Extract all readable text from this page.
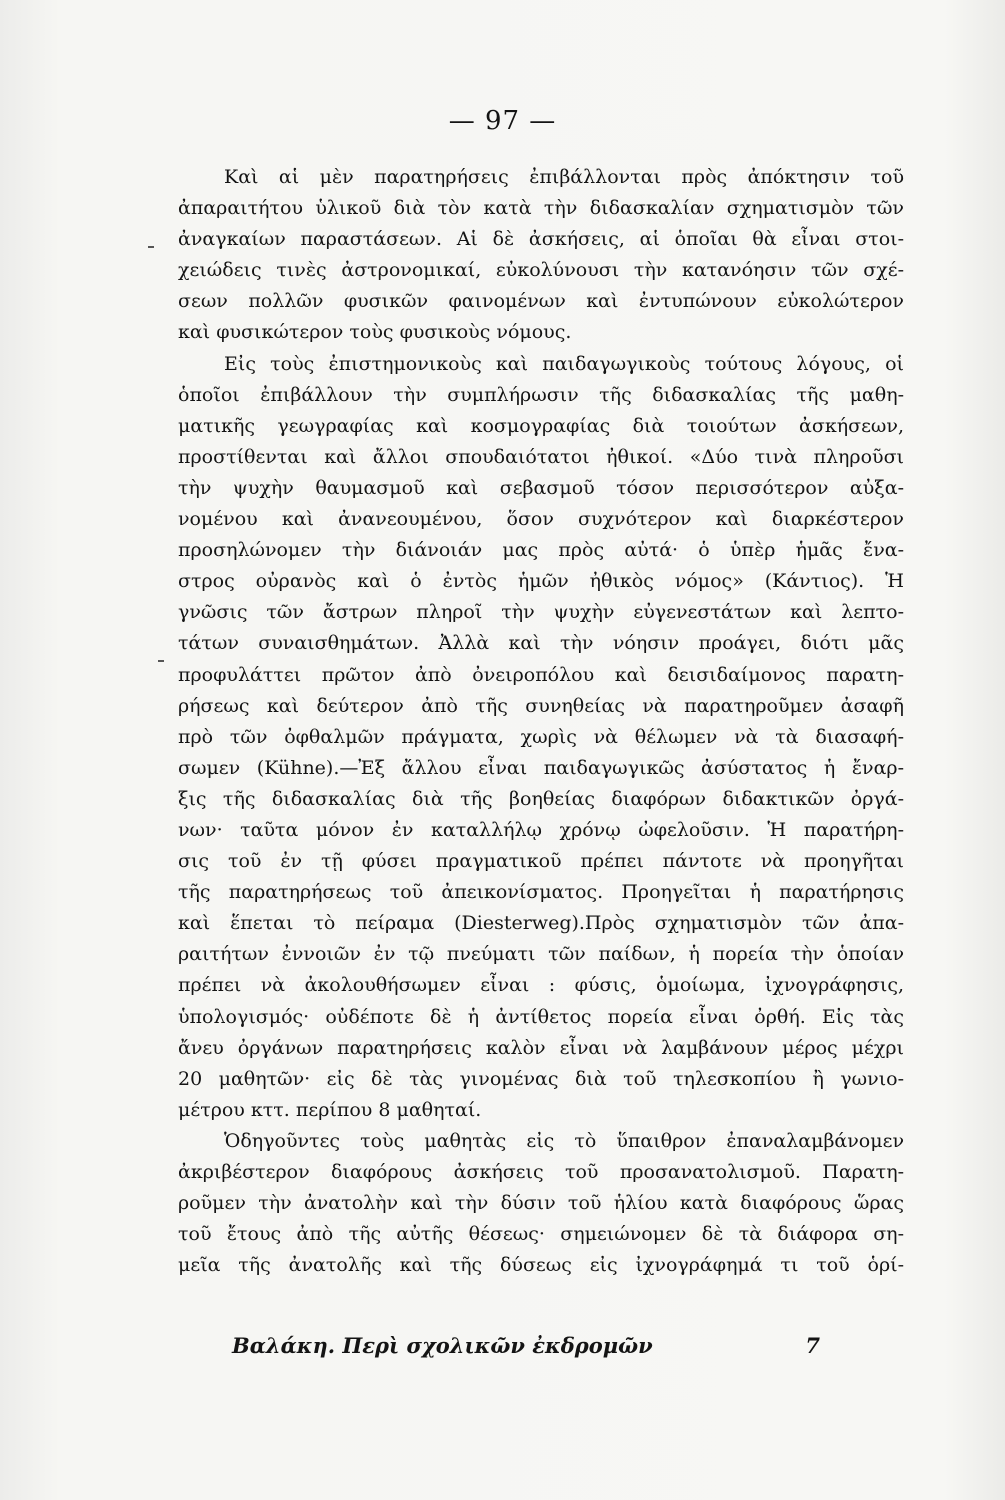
— 97 —
Καὶ αἱ μὲν παρατηρήσεις ἐπιβάλλονται πρὸς ἀπόκτησιν τοῦ
ἀπαραιτήτου ὑλικοῦ διὰ τὸν κατὰ τὴν διδασκαλίαν σχηματισμὸν τῶν
ἀναγκαίων παραστάσεων. Αἱ δὲ ἀσκήσεις, αἱ ὁποῖαι θὰ εἶναι στοι-
χειώδεις τινὲς ἀστρονομικαί, εὐκολύνουσι τὴν κατανόησιν τῶν σχέ-
σεων πολλῶν φυσικῶν φαινομένων καὶ ἐντυπώνουν εὐκολώτερον
καὶ φυσικώτερον τοὺς φυσικοὺς νόμους.
Εἰς τοὺς ἐπιστημονικοὺς καὶ παιδαγωγικοὺς τούτους λόγους, οἱ
ὁποῖοι ἐπιβάλλουν τὴν συμπλήρωσιν τῆς διδασκαλίας τῆς μαθη-
ματικῆς γεωγραφίας καὶ κοσμογραφίας διὰ τοιούτων ἀσκήσεων,
προστίθενται καὶ ἄλλοι σπουδαιότατοι ἠθικοί. «Δύο τινὰ πληροῦσι
τὴν ψυχὴν θαυμασμοῦ καὶ σεβασμοῦ τόσον περισσότερον αὐξα-
νομένου καὶ ἀνανεουμένου, ὅσον συχνότερον καὶ διαρκέστερον
προσηλώνομεν τὴν διάνοιάν μας πρὸς αὐτά· ὁ ὑπὲρ ἡμᾶς ἔνα-
στρος οὐρανὸς καὶ ὁ ἐντὸς ἡμῶν ἠθικὸς νόμος» (Κάντιος). Ἡ
γνῶσις τῶν ἄστρων πληροῖ τὴν ψυχὴν εὐγενεστάτων καὶ λεπτο-
τάτων συναισθημάτων. Ἀλλὰ καὶ τὴν νόησιν προάγει, διότι μᾶς
προφυλάττει πρῶτον ἀπὸ ὀνειροπόλου καὶ δεισιδαίμονος παρατη-
ρήσεως καὶ δεύτερον ἀπὸ τῆς συνηθείας νὰ παρατηροῦμεν ἀσαφῆ
πρὸ τῶν ὀφθαλμῶν πράγματα, χωρὶς νὰ θέλωμεν νὰ τὰ διασαφή-
σωμεν (Kühne).—Ἐξ ἄλλου εἶναι παιδαγωγικῶς ἀσύστατος ἡ ἔναρ-
ξις τῆς διδασκαλίας διὰ τῆς βοηθείας διαφόρων διδακτικῶν ὀργά-
νων· ταῦτα μόνον ἐν καταλλήλῳ χρόνῳ ὠφελοῦσιν. Ἡ παρατήρη-
σις τοῦ ἐν τῇ φύσει πραγματικοῦ πρέπει πάντοτε νὰ προηγῆται
τῆς παρατηρήσεως τοῦ ἀπεικονίσματος. Προηγεῖται ἡ παρατήρησις
καὶ ἕπεται τὸ πείραμα (Diesterweg).Πρὸς σχηματισμὸν τῶν ἀπα-
ραιτήτων ἐννοιῶν ἐν τῷ πνεύματι τῶν παίδων, ἡ πορεία τὴν ὁποίαν
πρέπει νὰ ἀκολουθήσωμεν εἶναι : φύσις, ὁμοίωμα, ἰχνογράφησις,
ὑπολογισμός· οὐδέποτε δὲ ἡ ἀντίθετος πορεία εἶναι ὀρθή. Εἰς τὰς
ἄνευ ὀργάνων παρατηρήσεις καλὸν εἶναι νὰ λαμβάνουν μέρος μέχρι
20 μαθητῶν· εἰς δὲ τὰς γινομένας διὰ τοῦ τηλεσκοπίου ἢ γωνιο-
μέτρου κττ. περίπου 8 μαθηταί.
Ὁδηγοῦντες τοὺς μαθητὰς εἰς τὸ ὕπαιθρον ἐπαναλαμβάνομεν
ἀκριβέστερον διαφόρους ἀσκήσεις τοῦ προσανατολισμοῦ. Παρατη-
ροῦμεν τὴν ἀνατολὴν καὶ τὴν δύσιν τοῦ ἡλίου κατὰ διαφόρους ὥρας
τοῦ ἔτους ἀπὸ τῆς αὐτῆς θέσεως· σημειώνομεν δὲ τὰ διάφορα ση-
μεῖα τῆς ἀνατολῆς καὶ τῆς δύσεως εἰς ἰχνογράφημά τι τοῦ ὁρί-
Βαλάκη. Περὶ σχολικῶν ἐκδρομῶν	7
